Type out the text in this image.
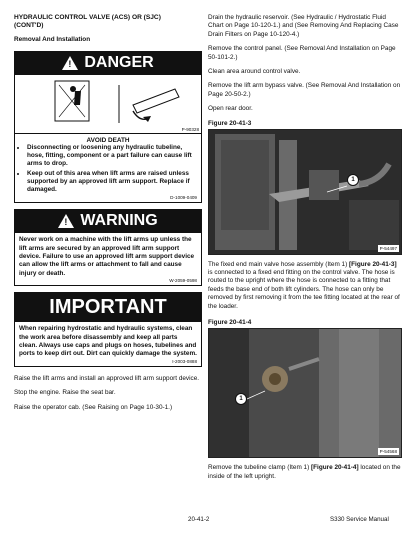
HYDRAULIC CONTROL VALVE (ACS) OR (SJC)
(CONT'D)
Removal And Installation
! DANGER
P-90328
AVOID DEATH
• Disconnecting or loosening any hydraulic tubeline, hose, fitting, component or a part failure can cause lift arms to drop.
• Keep out of this area when lift arms are raised unless supported by an approved lift arm support. Replace if damaged.
D-1009-0409
! WARNING

Never work on a machine with the lift arms up unless the lift arms are secured by an approved lift arm support device. Failure to use an approved lift arm support device can allow the lift arms or attachment to fall and cause injury or death.

W-2059-0598
IMPORTANT

When repairing hydrostatic and hydraulic systems, clean the work area before disassembly and keep all parts clean. Always use caps and plugs on hoses, tubelines and ports to keep dirt out. Dirt can quickly damage the system.

I-2003-0888

Raise the lift arms and install an approved lift arm support device.

Stop the engine. Raise the seat bar.

Raise the operator cab. (See Raising on Page 10-30-1.)

Drain the hydraulic reservoir. (See Hydraulic / Hydrostatic Fluid Chart on Page 10-120-1.) and (See Removing And Replacing Case Drain Filters on Page 10-120-4.)

Remove the control panel. (See Removal And Installation on Page 50-101-2.)

Clean area around control valve.

Remove the lift arm bypass valve. (See Removal And Installation on Page 20-50-2.)

Open rear door.

Figure 20-41-3
1
P-54497

The fixed end main valve hose assembly (Item 1) [Figure 20-41-3] is connected to a fixed end fitting on the control valve. The hose is routed to the upright where the hose is connected to a fitting that feeds the base end of both lift cylinders. The hose can only be removed by first removing it from the tee fitting located at the rear of the loader.

Figure 20-41-4
1
P-54568

Remove the tubeline clamp (Item 1) [Figure 20-41-4] located on the inside of the left upright.

20-41-2	S330 Service Manual
